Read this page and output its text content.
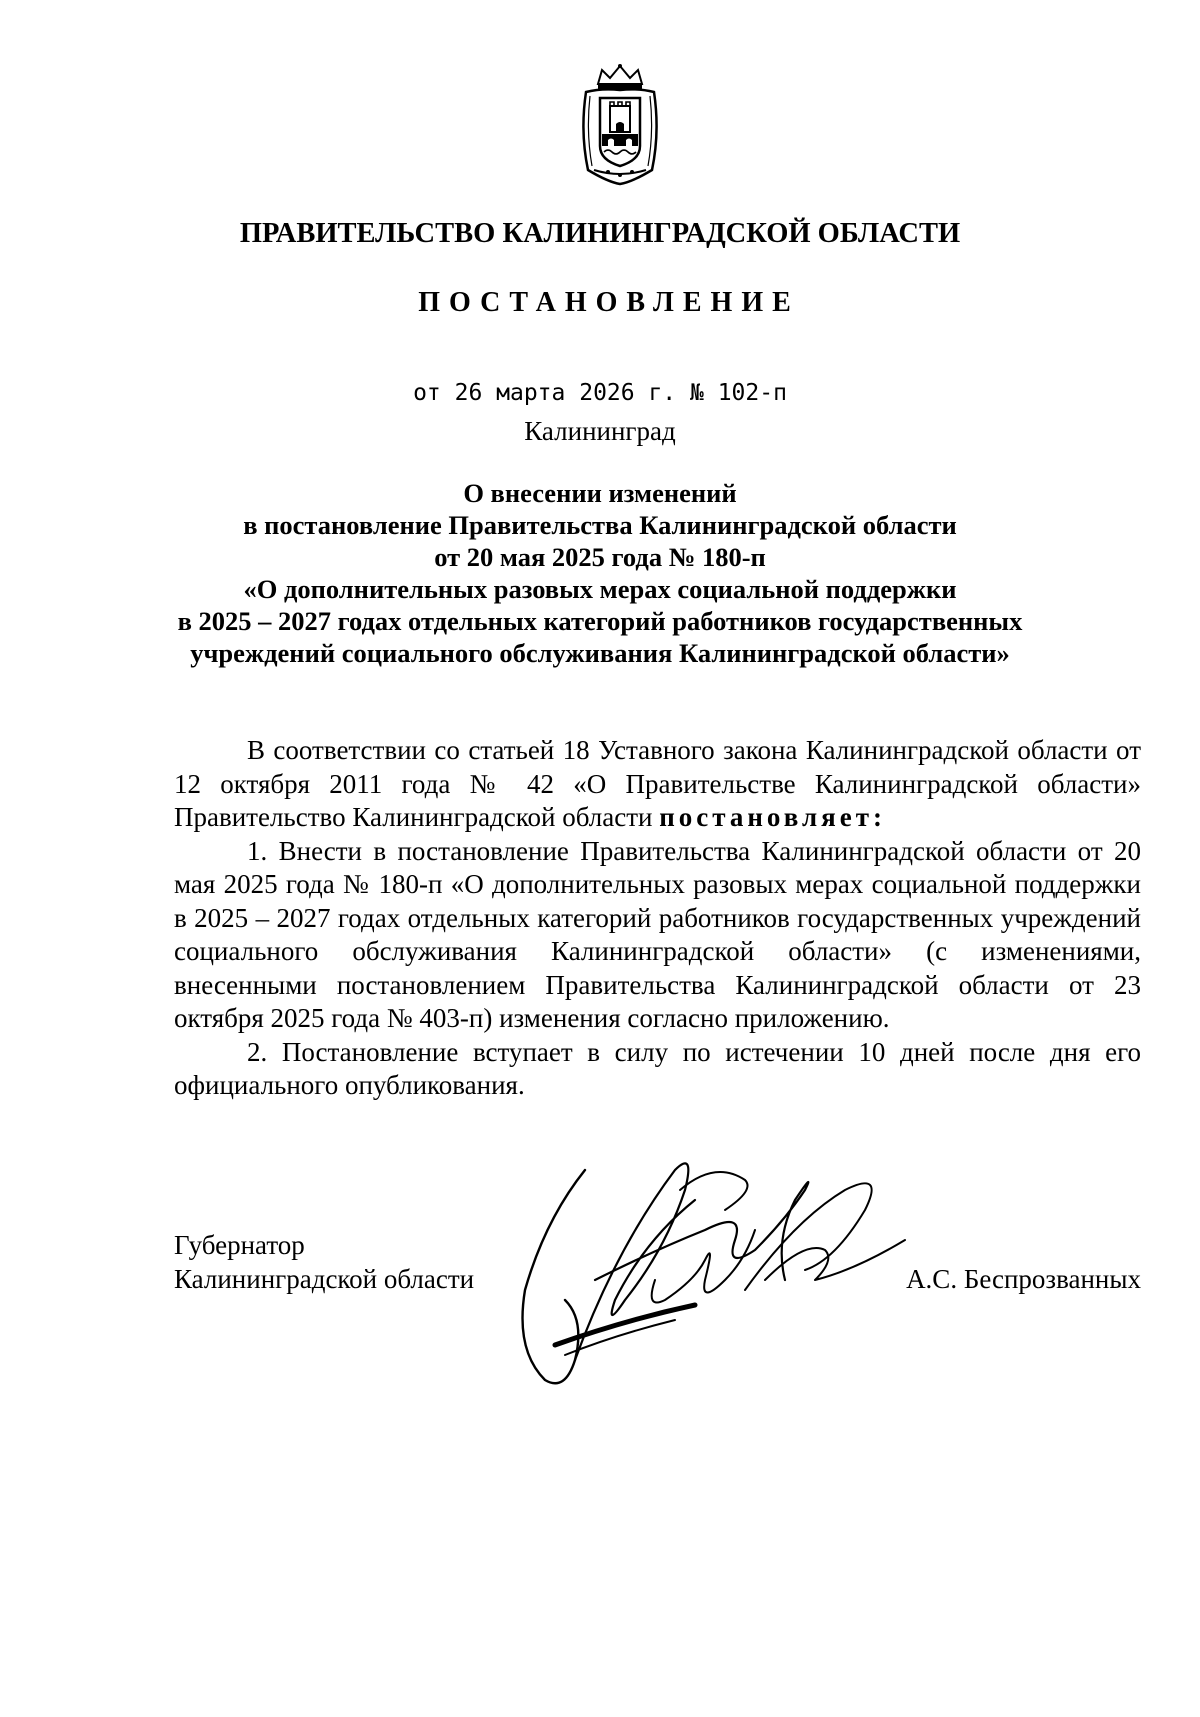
ПРАВИТЕЛЬСТВО КАЛИНИНГРАДСКОЙ ОБЛАСТИ
ПОСТАНОВЛЕНИЕ
от 26 марта 2026 г. № 102-п
Калининград
О внесении изменений
в постановление Правительства Калининградской области
от 20 мая 2025 года № 180-п
«О дополнительных разовых мерах социальной поддержки
в 2025 – 2027 годах отдельных категорий работников государственных
учреждений социального обслуживания Калининградской области»

В соответствии со статьей 18 Уставного закона Калининградской области от 12 октября 2011 года № 42 «О Правительстве Калининградской области» Правительство Калининградской области постановляет:

1. Внести в постановление Правительства Калининградской области от 20 мая 2025 года № 180-п «О дополнительных разовых мерах социальной поддержки в 2025 – 2027 годах отдельных категорий работников государственных учреждений социального обслуживания Калининградской области» (с изменениями, внесенными постановлением Правительства Калининградской области от 23 октября 2025 года № 403-п) изменения согласно приложению.

2. Постановление вступает в силу по истечении 10 дней после дня его официального опубликования.

Губернатор
Калининградской области	А.С. Беспрозванных
